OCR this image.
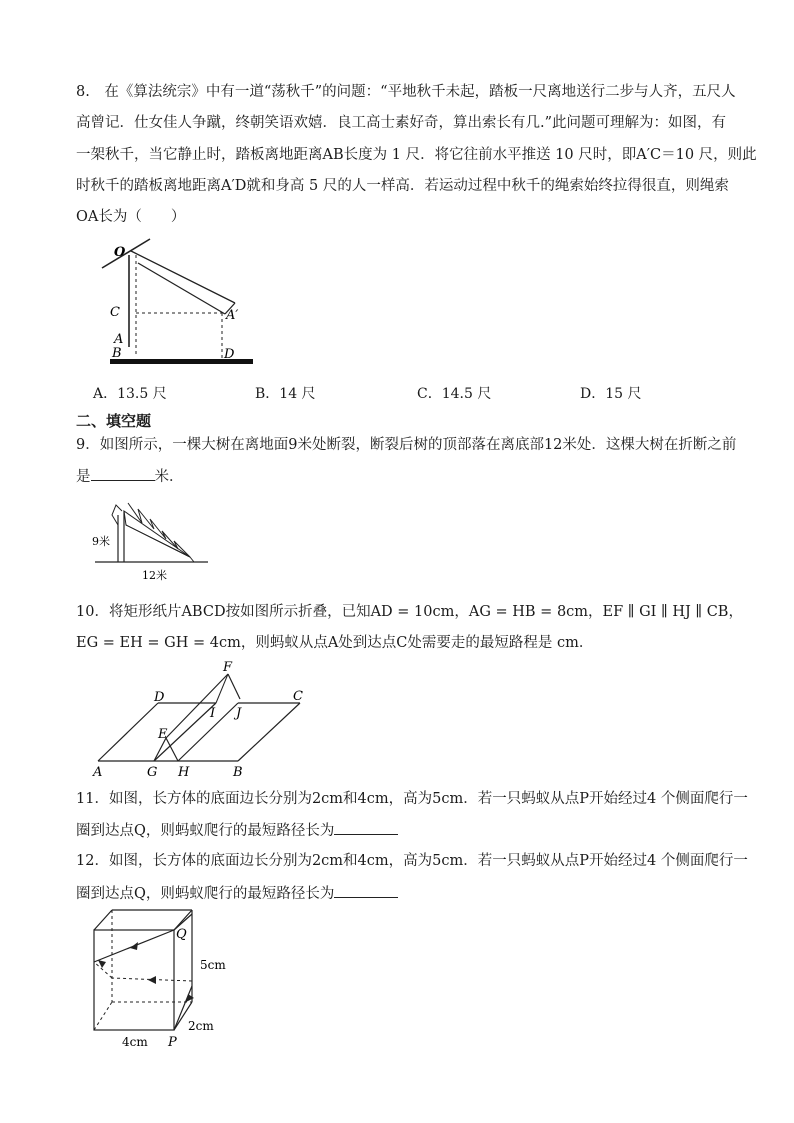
8.　在《算法统宗》中有一道“荡秋千”的问题：“平地秋千未起，踏板一尺离地送行二步与人齐，五尺人

高曾记．仕女佳人争蹴，终朝笑语欢嬉．良工高士素好奇，算出索长有几.”此问题可理解为：如图，有

一架秋千，当它静止时，踏板离地距离AB长度为 1 尺．将它往前水平推送 10 尺时，即A′C＝10 尺，则此

时秋千的踏板离地距离A′D就和身高 5 尺的人一样高．若运动过程中秋千的绳索始终拉得很直，则绳索

OA长为（　　）

O
C
A
B
A′
D
A．13.5 尺	B．14 尺	C．14.5 尺	D．15 尺
二、填空题

9．如图所示，一棵大树在离地面9米处断裂，断裂后树的顶部落在离底部12米处．这棵大树在折断之前

是	米．

9米
12米

10．将矩形纸片ABCD按如图所示折叠，已知AD = 10cm，AG = HB = 8cm，EF ∥ GI ∥ HJ ∥ CB，

EG = EH = GH = 4cm，则蚂蚁从点A处到达点C处需要走的最短路程是 cm．

F
D	C
I J
E
A	G H	B

11．如图，长方体的底面边长分别为2cm和4cm，高为5cm．若一只蚂蚁从点P开始经过4 个侧面爬行一

圈到达点Q，则蚂蚁爬行的最短路径长为

12．如图，长方体的底面边长分别为2cm和4cm，高为5cm．若一只蚂蚁从点P开始经过4 个侧面爬行一

圈到达点Q，则蚂蚁爬行的最短路径长为

Q
5cm
2cm
4cm P
